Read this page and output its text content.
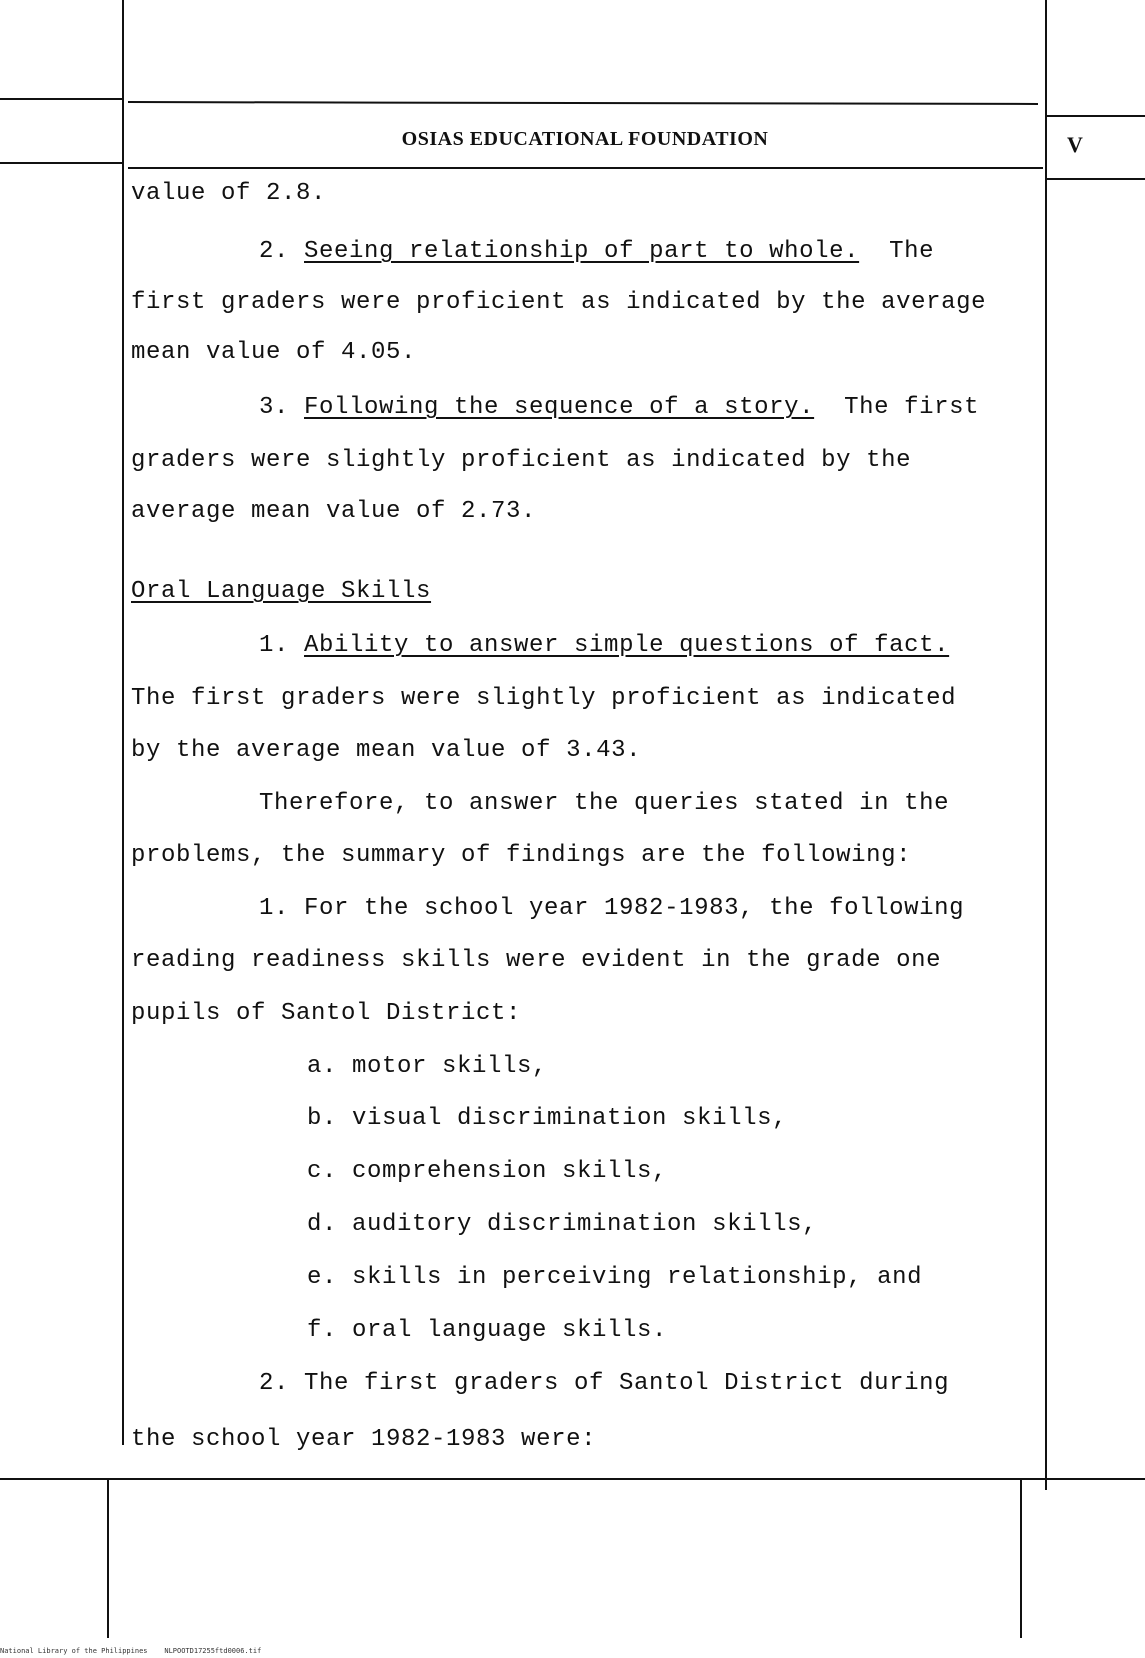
OSIAS EDUCATIONAL FOUNDATION	V
value of 2.8.
2. Seeing relationship of part to whole.  The
first graders were proficient as indicated by the average
mean value of 4.05.
3. Following the sequence of a story.  The first
graders were slightly proficient as indicated by the
average mean value of 2.73.
Oral Language Skills
1. Ability to answer simple questions of fact.
The first graders were slightly proficient as indicated
by the average mean value of 3.43.
Therefore, to answer the queries stated in the
problems, the summary of findings are the following:
1. For the school year 1982-1983, the following
reading readiness skills were evident in the grade one
pupils of Santol District:
a. motor skills,
b. visual discrimination skills,
c. comprehension skills,
d. auditory discrimination skills,
e. skills in perceiving relationship, and
f. oral language skills.
2. The first graders of Santol District during
the school year 1982-1983 were:
National Library of the Philippines    NLPOOTD17255ftd0006.tif
